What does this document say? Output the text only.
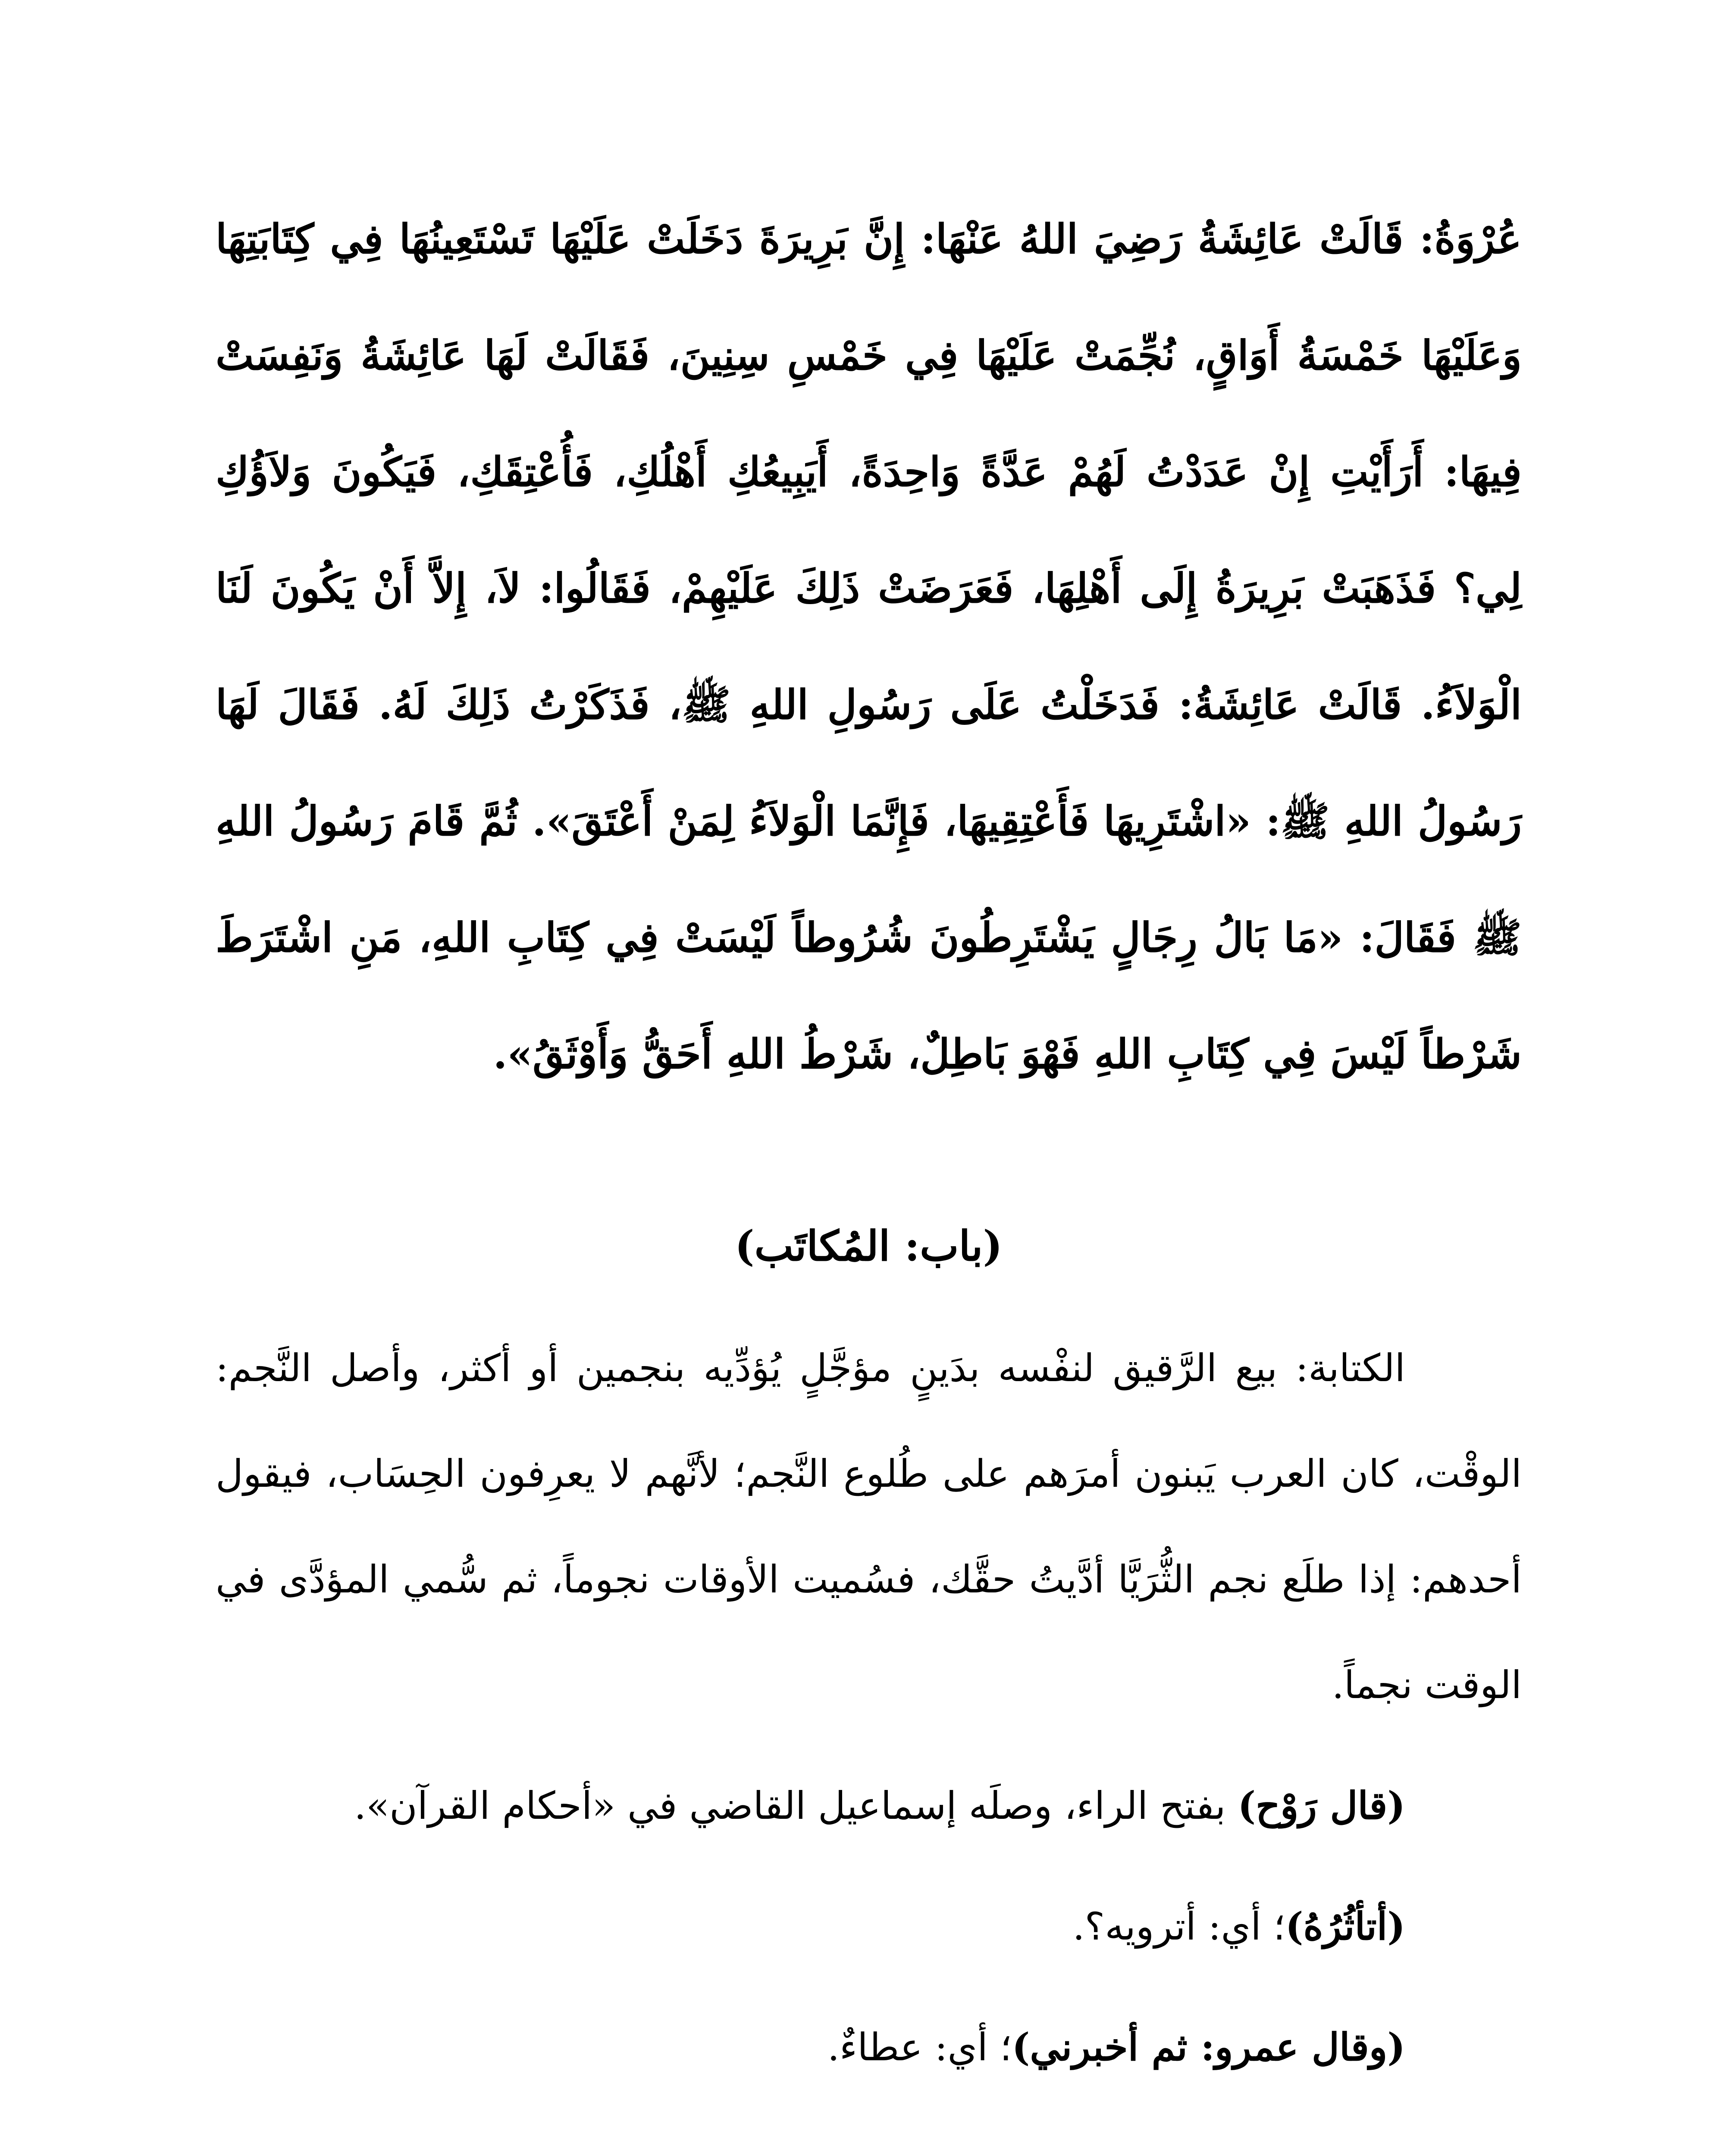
عُرْوَةُ: قَالَتْ عَائِشَةُ رَضِيَ اللهُ عَنْهَا: إِنَّ بَرِيرَةَ دَخَلَتْ عَلَيْهَا تَسْتَعِينُهَا فِي كِتَابَتِهَا وَعَلَيْهَا خَمْسَةُ أَوَاقٍ، نُجِّمَتْ عَلَيْهَا فِي خَمْسِ سِنِينَ، فَقَالَتْ لَهَا عَائِشَةُ وَنَفِسَتْ فِيهَا: أَرَأَيْتِ إِنْ عَدَدْتُ لَهُمْ عَدَّةً وَاحِدَةً، أَيَبِيعُكِ أَهْلُكِ، فَأُعْتِقَكِ، فَيَكُونَ وَلاَؤُكِ لِي؟ فَذَهَبَتْ بَرِيرَةُ إِلَى أَهْلِهَا، فَعَرَضَتْ ذَلِكَ عَلَيْهِمْ، فَقَالُوا: لاَ، إِلاَّ أَنْ يَكُونَ لَنَا الْوَلاَءُ. قَالَتْ عَائِشَةُ: فَدَخَلْتُ عَلَى رَسُولِ اللهِ ﷺ، فَذَكَرْتُ ذَلِكَ لَهُ. فَقَالَ لَهَا رَسُولُ اللهِ ﷺ: «اشْتَرِيهَا فَأَعْتِقِيهَا، فَإِنَّمَا الْوَلاَءُ لِمَنْ أَعْتَقَ». ثُمَّ قَامَ رَسُولُ اللهِ ﷺ فَقَالَ: «مَا بَالُ رِجَالٍ يَشْتَرِطُونَ شُرُوطاً لَيْسَتْ فِي كِتَابِ اللهِ، مَنِ اشْتَرَطَ شَرْطاً لَيْسَ فِي كِتَابِ اللهِ فَهْوَ بَاطِلٌ، شَرْطُ اللهِ أَحَقُّ وَأَوْثَقُ».

(باب: المُكاتَب)

الكتابة: بيع الرَّقيق لنفْسه بدَينٍ مؤجَّلٍ يُؤدِّيه بنجمين أو أكثر، وأصل النَّجم: الوقْت، كان العرب يَبنون أمرَهم على طُلوع النَّجم؛ لأنَّهم لا يعرِفون الحِسَاب، فيقول أحدهم: إذا طلَع نجم الثُّرَيَّا أدَّيتُ حقَّك، فسُميت الأوقات نجوماً، ثم سُّمي المؤدَّى في الوقت نجماً.

(قال رَوْح) بفتح الراء، وصلَه إسماعيل القاضي في «أحكام القرآن».

(أتأثُرُهُ)؛ أي: أترويه؟.

(وقال عمرو: ثم أخبرني)؛ أي: عطاءٌ.
